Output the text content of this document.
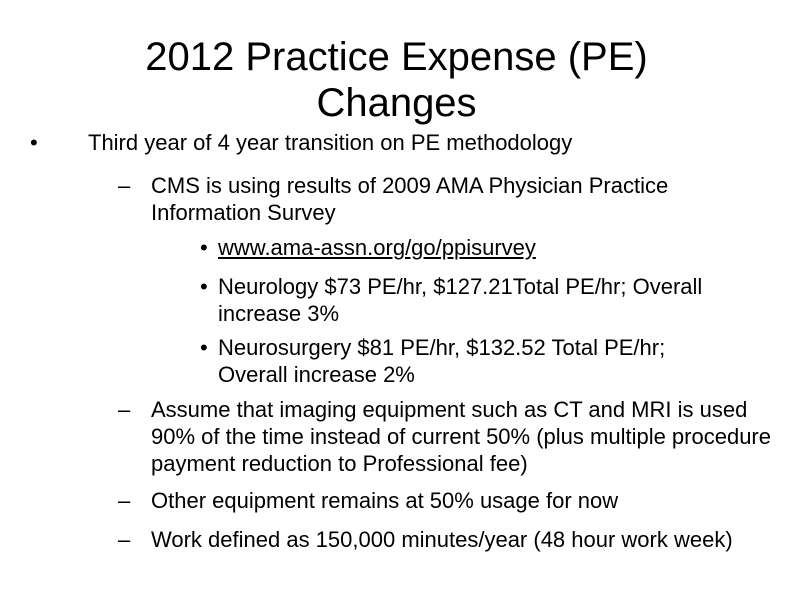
2012 Practice Expense (PE)
Changes
• Third year of 4 year transition on PE methodology
– CMS is using results of 2009 AMA Physician Practice Information Survey
• www.ama-assn.org/go/ppisurvey
• Neurology $73 PE/hr, $127.21Total PE/hr; Overall increase 3%
• Neurosurgery $81 PE/hr, $132.52 Total PE/hr; Overall increase 2%
– Assume that imaging equipment such as CT and MRI is used 90% of the time instead of current 50% (plus multiple procedure payment reduction to Professional fee)
– Other equipment remains at 50% usage for now
– Work defined as 150,000 minutes/year (48 hour work week)
